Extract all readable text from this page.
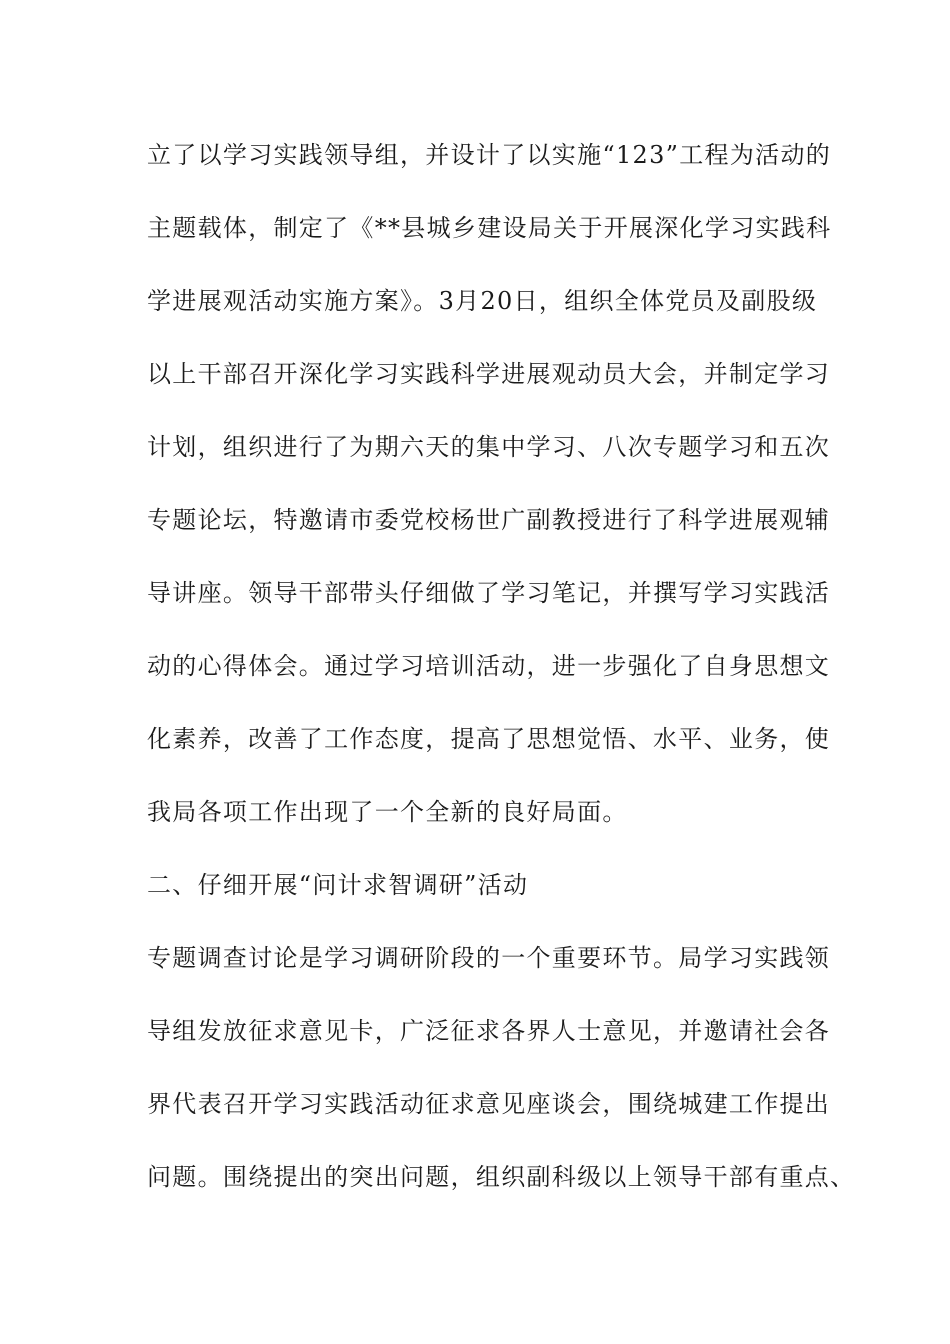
立了以学习实践领导组，并设计了以实施“123”工程为活动的
主题载体，制定了《**县城乡建设局关于开展深化学习实践科
学进展观活动实施方案》。3月20日，组织全体党员及副股级
以上干部召开深化学习实践科学进展观动员大会，并制定学习
计划，组织进行了为期六天的集中学习、八次专题学习和五次
专题论坛，特邀请市委党校杨世广副教授进行了科学进展观辅
导讲座。领导干部带头仔细做了学习笔记，并撰写学习实践活
动的心得体会。通过学习培训活动，进一步强化了自身思想文
化素养，改善了工作态度，提高了思想觉悟、水平、业务，使
我局各项工作出现了一个全新的良好局面。
二、仔细开展“问计求智调研”活动
专题调查讨论是学习调研阶段的一个重要环节。局学习实践领
导组发放征求意见卡，广泛征求各界人士意见，并邀请社会各
界代表召开学习实践活动征求意见座谈会，围绕城建工作提出
问题。围绕提出的突出问题，组织副科级以上领导干部有重点、
